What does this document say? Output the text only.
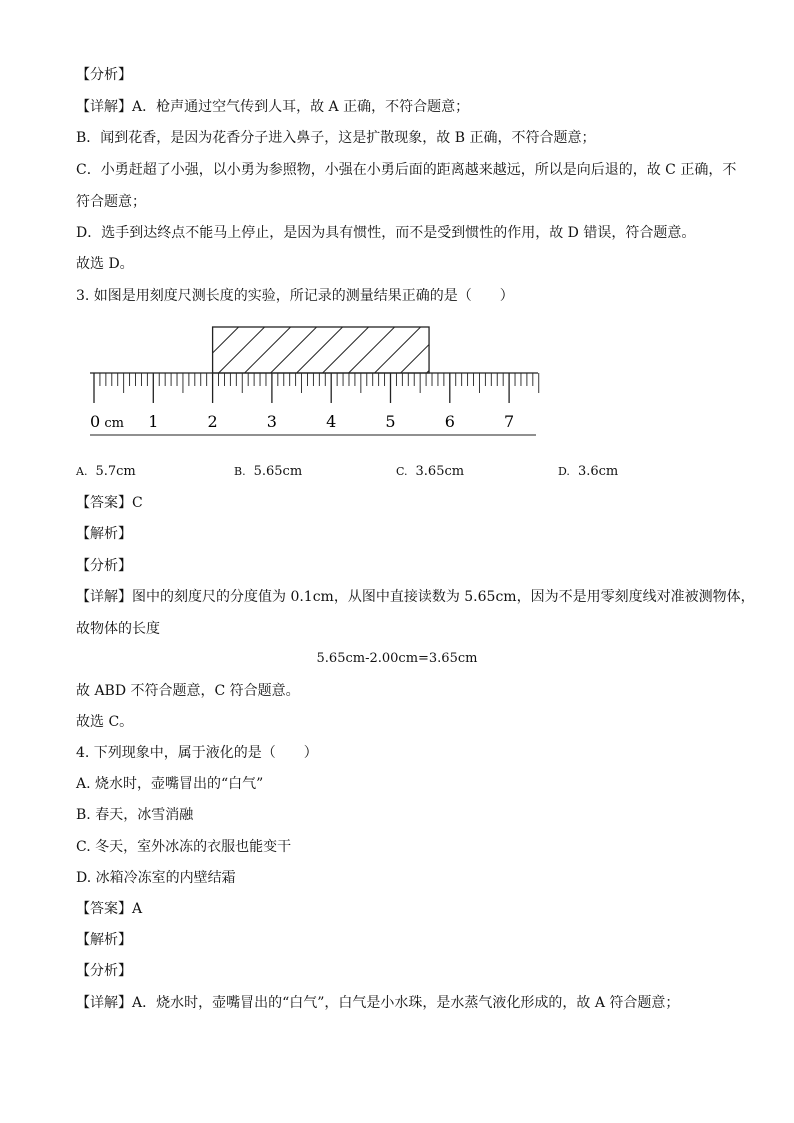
【分析】
【详解】A．枪声通过空气传到人耳，故 A 正确，不符合题意；
B．闻到花香，是因为花香分子进入鼻子，这是扩散现象，故 B 正确，不符合题意；
C．小勇赶超了小强，以小勇为参照物，小强在小勇后面的距离越来越远，所以是向后退的，故 C 正确，不
符合题意；
D．选手到达终点不能马上停止，是因为具有惯性，而不是受到惯性的作用，故 D 错误，符合题意。
故选 D。
3. 如图是用刻度尺测长度的实验，所记录的测量结果正确的是（　　）
0 cm 1	2	3	4	5	6	7
A. 5.7cm	B. 5.65cm	C. 3.65cm	D. 3.6cm
【答案】C
【解析】
【分析】
【详解】图中的刻度尺的分度值为 0.1cm，从图中直接读数为 5.65cm，因为不是用零刻度线对准被测物体，
故物体的长度
5.65cm-2.00cm=3.65cm
故 ABD 不符合题意，C 符合题意。
故选 C。
4. 下列现象中，属于液化的是（　　）
A. 烧水时，壶嘴冒出的“白气”
B. 春天，冰雪消融
C. 冬天，室外冰冻的衣服也能变干
D. 冰箱冷冻室的内壁结霜
【答案】A
【解析】
【分析】
【详解】A．烧水时，壶嘴冒出的“白气”，白气是小水珠，是水蒸气液化形成的，故 A 符合题意；
